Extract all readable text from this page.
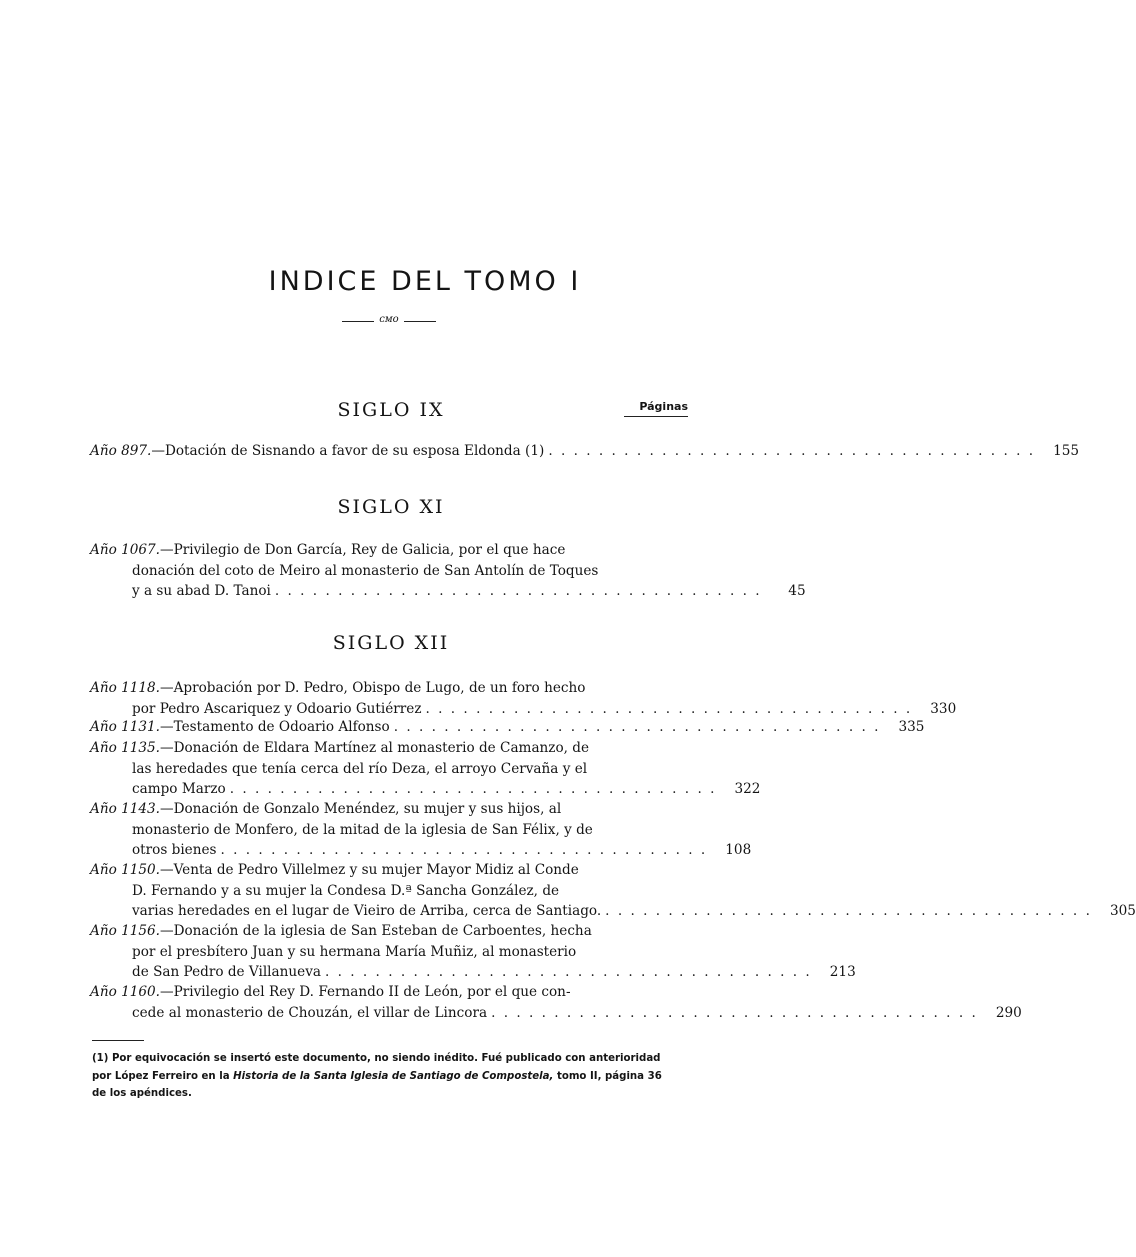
INDICE DEL TOMO I
ᴄᴍᴏ
Páginas
SIGLO IX
Año 897. —Dotación de Sisnando a favor de su esposa Eldonda (1) . . .	155
SIGLO XI
Año 1067. —Privilegio de Don García, Rey de Galicia, por el que hace
donación del coto de Meiro al monasterio de San Antolín de Toques
y a su abad D. Tanoi . . .	45
SIGLO XII
Año 1118. —Aprobación por D. Pedro, Obispo de Lugo, de un foro hecho
por Pedro Ascariquez y Odoario Gutiérrez . . .	330
Año 1131. —Testamento de Odoario Alfonso . . .	335
Año 1135. —Donación de Eldara Martínez al monasterio de Camanzo, de
las heredades que tenía cerca del río Deza, el arroyo Cervaña y el
campo Marzo . . .	322
Año 1143. —Donación de Gonzalo Menéndez, su mujer y sus hijos, al
monasterio de Monfero, de la mitad de la iglesia de San Félix, y de
otros bienes . . .	108
Año 1150. —Venta de Pedro Villelmez y su mujer Mayor Midiz al Conde
D. Fernando y a su mujer la Condesa D.ª Sancha González, de
varias heredades en el lugar de Vieiro de Arriba, cerca de Santiago. . . .	305
Año 1156. —Donación de la iglesia de San Esteban de Carboentes, hecha
por el presbítero Juan y su hermana María Muñiz, al monasterio
de San Pedro de Villanueva . . .	213
Año 1160. —Privilegio del Rey D. Fernando II de León, por el que con-
cede al monasterio de Chouzán, el villar de Lincora . . .	290
(1) Por equivocación se insertó este documento, no siendo inédito. Fué publicado con anterioridad
por López Ferreiro en la Historia de la Santa Iglesia de Santiago de Compostela, tomo II, página 36
de los apéndices.
